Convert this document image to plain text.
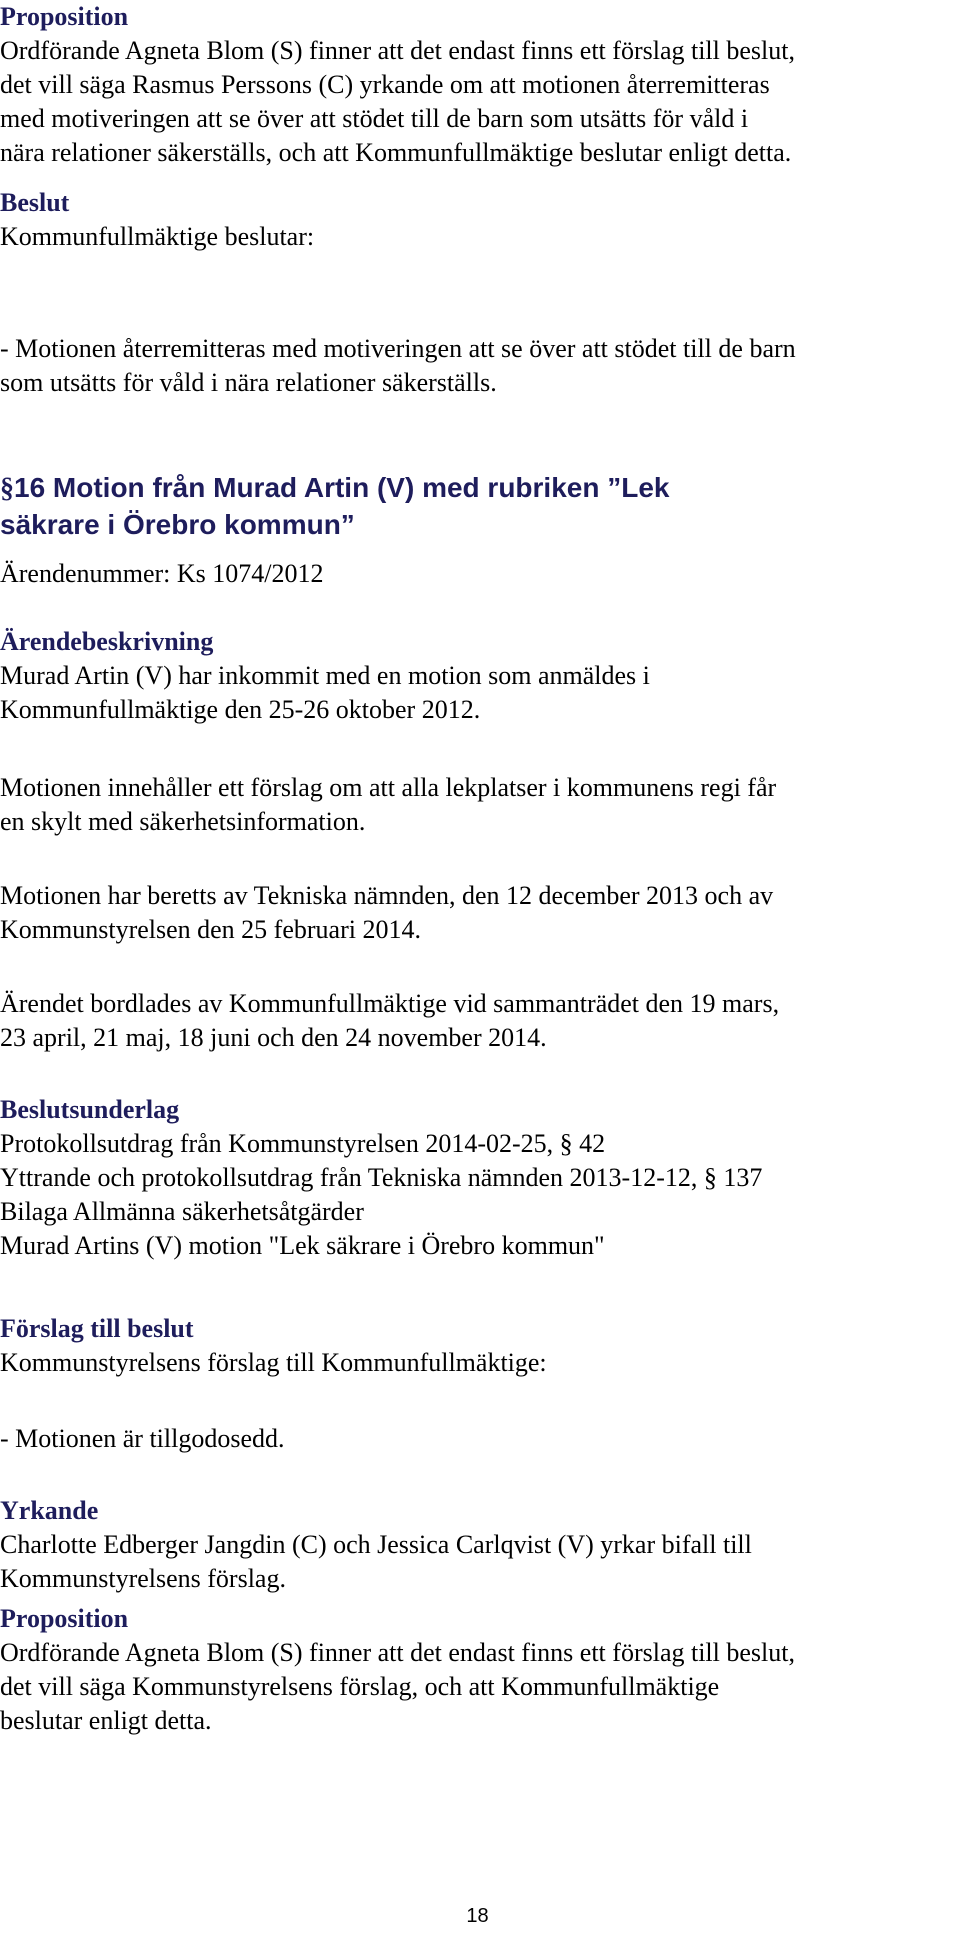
Proposition

Ordförande Agneta Blom (S) finner att det endast finns ett förslag till beslut,

det vill säga Rasmus Perssons (C) yrkande om att motionen återremitteras

med motiveringen att se över att stödet till de barn som utsätts för våld i

nära relationer säkerställs, och att Kommunfullmäktige beslutar enligt detta.

Beslut

Kommunfullmäktige beslutar:

- Motionen återremitteras med motiveringen att se över att stödet till de barn

som utsätts för våld i nära relationer säkerställs.

§16 Motion från Murad Artin (V) med rubriken ”Lek

säkrare i Örebro kommun”

Ärendenummer: Ks 1074/2012

Ärendebeskrivning

Murad Artin (V) har inkommit med en motion som anmäldes i

Kommunfullmäktige den 25-26 oktober 2012.

Motionen innehåller ett förslag om att alla lekplatser i kommunens regi får

en skylt med säkerhetsinformation.

Motionen har beretts av Tekniska nämnden, den 12 december 2013 och av

Kommunstyrelsen den 25 februari 2014.

Ärendet bordlades av Kommunfullmäktige vid sammanträdet den 19 mars,

23 april, 21 maj, 18 juni och den 24 november 2014.

Beslutsunderlag

Protokollsutdrag från Kommunstyrelsen 2014-02-25, § 42

Yttrande och protokollsutdrag från Tekniska nämnden 2013-12-12, § 137

Bilaga Allmänna säkerhetsåtgärder

Murad Artins (V) motion "Lek säkrare i Örebro kommun"

Förslag till beslut

Kommunstyrelsens förslag till Kommunfullmäktige:

- Motionen är tillgodosedd.

Yrkande

Charlotte Edberger Jangdin (C) och Jessica Carlqvist (V) yrkar bifall till

Kommunstyrelsens förslag.

Proposition

Ordförande Agneta Blom (S) finner att det endast finns ett förslag till beslut,

det vill säga Kommunstyrelsens förslag, och att Kommunfullmäktige

beslutar enligt detta.

18
